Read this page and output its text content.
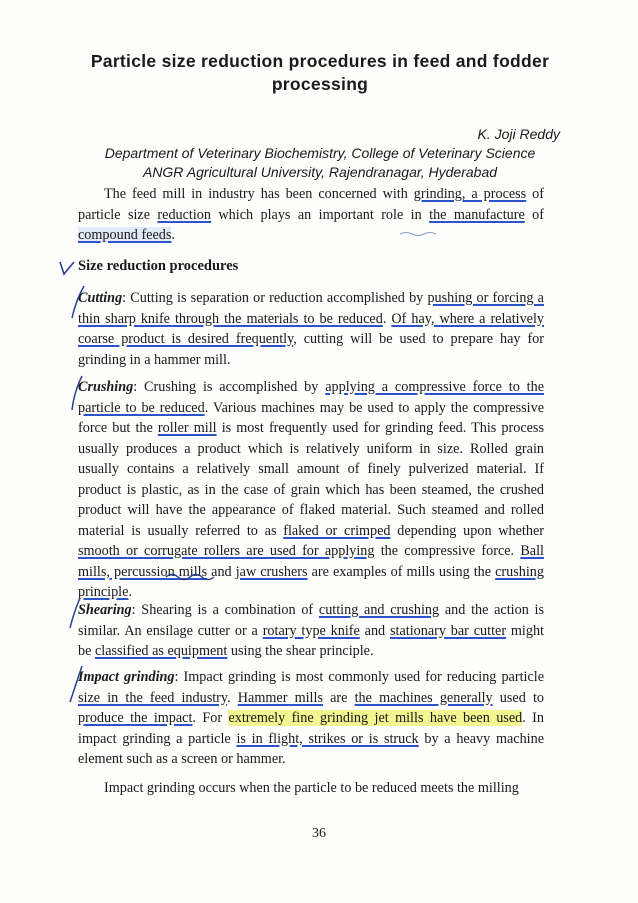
Particle size reduction procedures in feed and fodder processing
K. Joji Reddy
Department of Veterinary Biochemistry, College of Veterinary Science
ANGR Agricultural University, Rajendranagar, Hyderabad

The feed mill in industry has been concerned with grinding, a process of particle size reduction which plays an important role in the manufacture of compound feeds.

Size reduction procedures

Cutting: Cutting is separation or reduction accomplished by pushing or forcing a thin sharp knife through the materials to be reduced. Of hay, where a relatively coarse product is desired frequently, cutting will be used to prepare hay for grinding in a hammer mill.

Crushing: Crushing is accomplished by applying a compressive force to the particle to be reduced. Various machines may be used to apply the compressive force but the roller mill is most frequently used for grinding feed. This process usually produces a product which is relatively uniform in size. Rolled grain usually contains a relatively small amount of finely pulverized material. If product is plastic, as in the case of grain which has been steamed, the crushed product will have the appearance of flaked material. Such steamed and rolled material is usually referred to as flaked or crimped depending upon whether smooth or corrugate rollers are used for applying the compressive force. Ball mills, percussion mills and jaw crushers are examples of mills using the crushing principle.

Shearing: Shearing is a combination of cutting and crushing and the action is similar. An ensilage cutter or a rotary type knife and stationary bar cutter might be classified as equipment using the shear principle.

Impact grinding: Impact grinding is most commonly used for reducing particle size in the feed industry. Hammer mills are the machines generally used to produce the impact. For extremely fine grinding jet mills have been used. In impact grinding a particle is in flight, strikes or is struck by a heavy machine element such as a screen or hammer.

Impact grinding occurs when the particle to be reduced meets the milling

36
